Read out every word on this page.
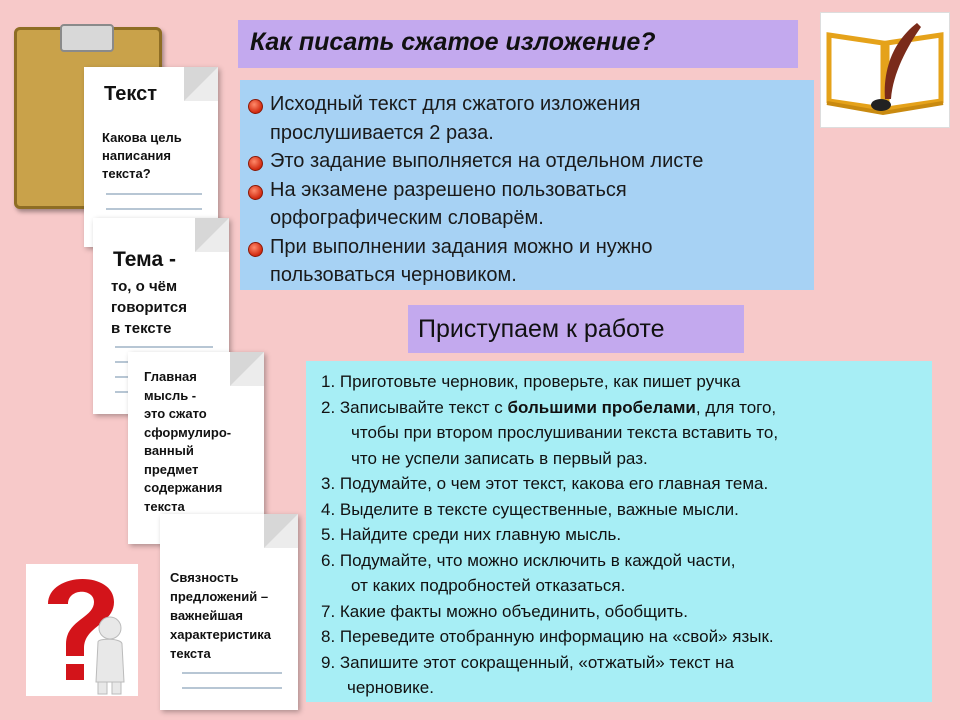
Текст
Какова цель
написания
текста?
Тема -
то, о чём
говорится
в тексте
Главная
мысль -
это сжато
сформулиро-
ванный
предмет
содержания
текста
Связность
предложений –
важнейшая
характеристика
текста
Как писать сжатое изложение?
Исходный текст для сжатого изложения
прослушивается 2 раза.
Это задание выполняется на отдельном листе
На экзамене разрешено пользоваться
орфографическим словарём.
При выполнении задания можно и нужно
пользоваться черновиком.
Приступаем к работе
1. Приготовьте черновик, проверьте, как пишет ручка
2. Записывайте текст с большими пробелами, для того,
чтобы при втором прослушивании текста вставить то,
что не успели записать в первый раз.
3. Подумайте, о чем этот текст, какова его главная тема.
4. Выделите в тексте существенные, важные мысли.
5. Найдите среди них главную мысль.
6. Подумайте, что можно исключить в каждой части,
от каких подробностей отказаться.
7. Какие факты можно объединить, обобщить.
8. Переведите отобранную информацию на «свой» язык.
9. Запишите этот сокращенный, «отжатый» текст на
черновике.
